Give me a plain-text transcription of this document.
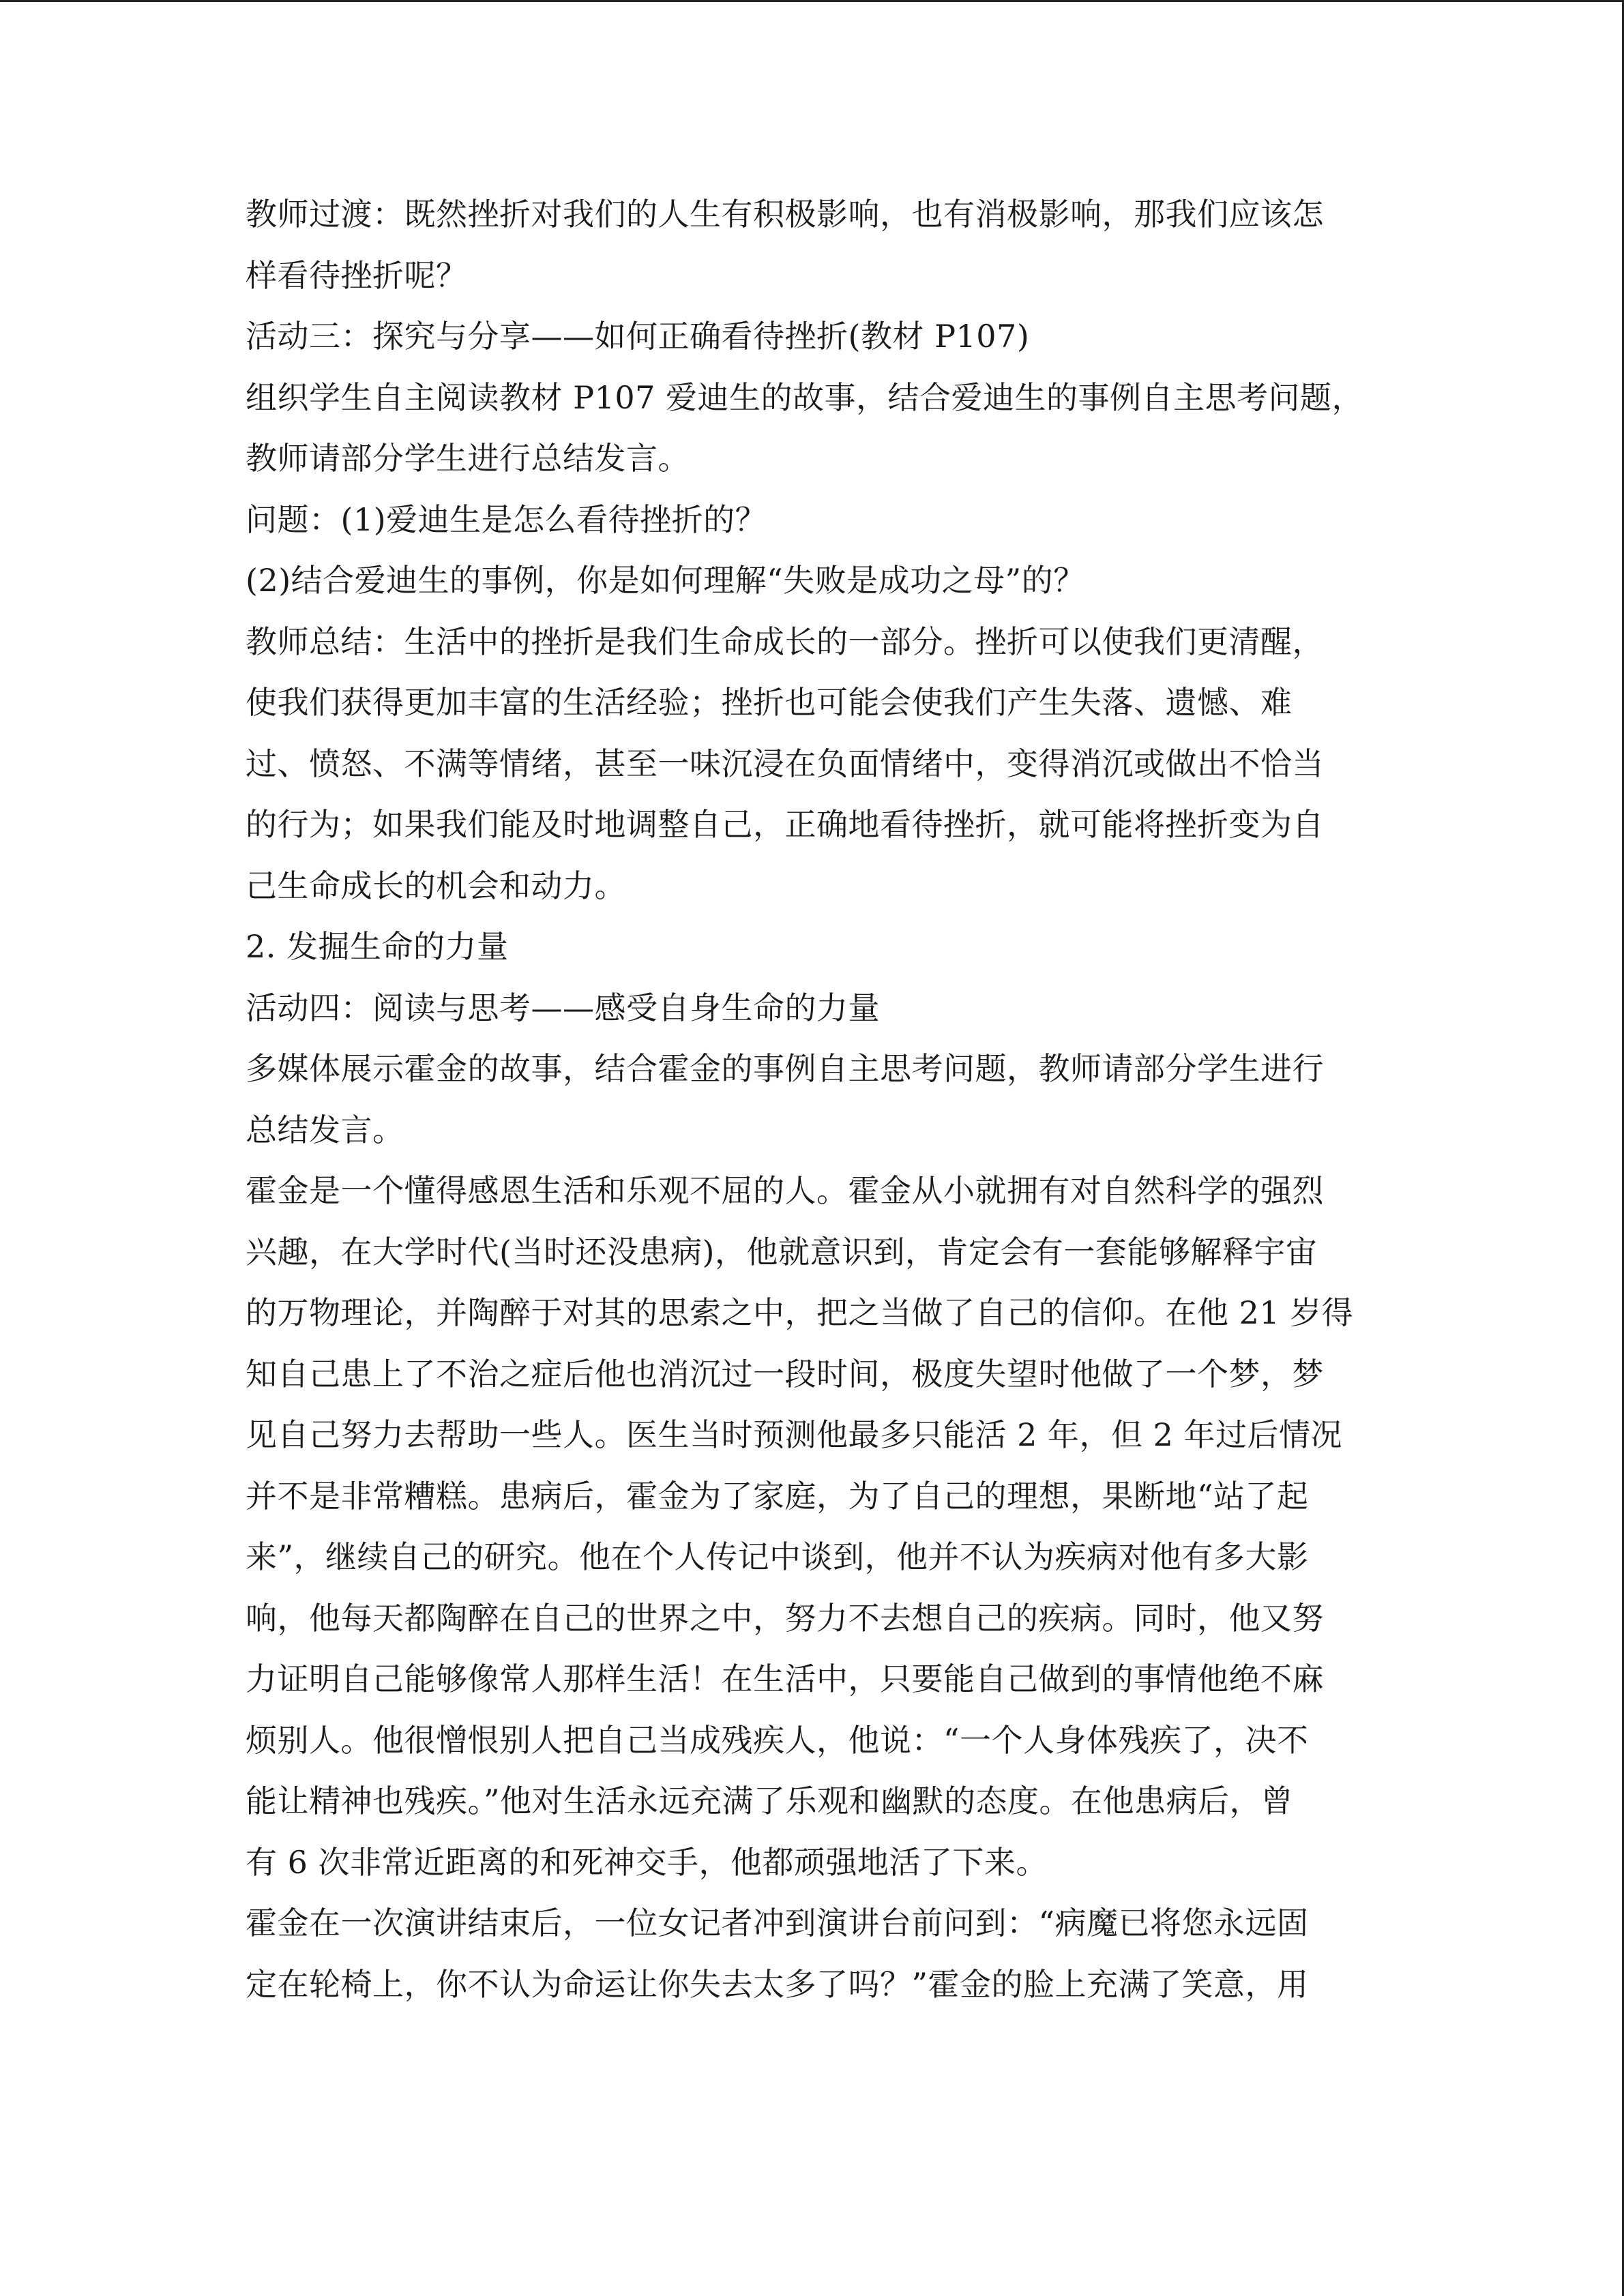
教师过渡：既然挫折对我们的人生有积极影响，也有消极影响，那我们应该怎
样看待挫折呢？
活动三：探究与分享——如何正确看待挫折(教材 P107)
组织学生自主阅读教材 P107 爱迪生的故事，结合爱迪生的事例自主思考问题，
教师请部分学生进行总结发言。
问题：(1)爱迪生是怎么看待挫折的？
(2)结合爱迪生的事例，你是如何理解“失败是成功之母”的？
教师总结：生活中的挫折是我们生命成长的一部分。挫折可以使我们更清醒，
使我们获得更加丰富的生活经验；挫折也可能会使我们产生失落、遗憾、难
过、愤怒、不满等情绪，甚至一味沉浸在负面情绪中，变得消沉或做出不恰当
的行为；如果我们能及时地调整自己，正确地看待挫折，就可能将挫折变为自
己生命成长的机会和动力。
2. 发掘生命的力量
活动四：阅读与思考——感受自身生命的力量
多媒体展示霍金的故事，结合霍金的事例自主思考问题，教师请部分学生进行
总结发言。
霍金是一个懂得感恩生活和乐观不屈的人。霍金从小就拥有对自然科学的强烈
兴趣，在大学时代(当时还没患病)，他就意识到，肯定会有一套能够解释宇宙
的万物理论，并陶醉于对其的思索之中，把之当做了自己的信仰。在他 21 岁得
知自己患上了不治之症后他也消沉过一段时间，极度失望时他做了一个梦，梦
见自己努力去帮助一些人。医生当时预测他最多只能活 2 年，但 2 年过后情况
并不是非常糟糕。患病后，霍金为了家庭，为了自己的理想，果断地“站了起
来”，继续自己的研究。他在个人传记中谈到，他并不认为疾病对他有多大影
响，他每天都陶醉在自己的世界之中，努力不去想自己的疾病。同时，他又努
力证明自己能够像常人那样生活！在生活中，只要能自己做到的事情他绝不麻
烦别人。他很憎恨别人把自己当成残疾人，他说：“一个人身体残疾了，决不
能让精神也残疾。”他对生活永远充满了乐观和幽默的态度。在他患病后，曾
有 6 次非常近距离的和死神交手，他都顽强地活了下来。
霍金在一次演讲结束后，一位女记者冲到演讲台前问到：“病魔已将您永远固
定在轮椅上，你不认为命运让你失去太多了吗？”霍金的脸上充满了笑意，用
